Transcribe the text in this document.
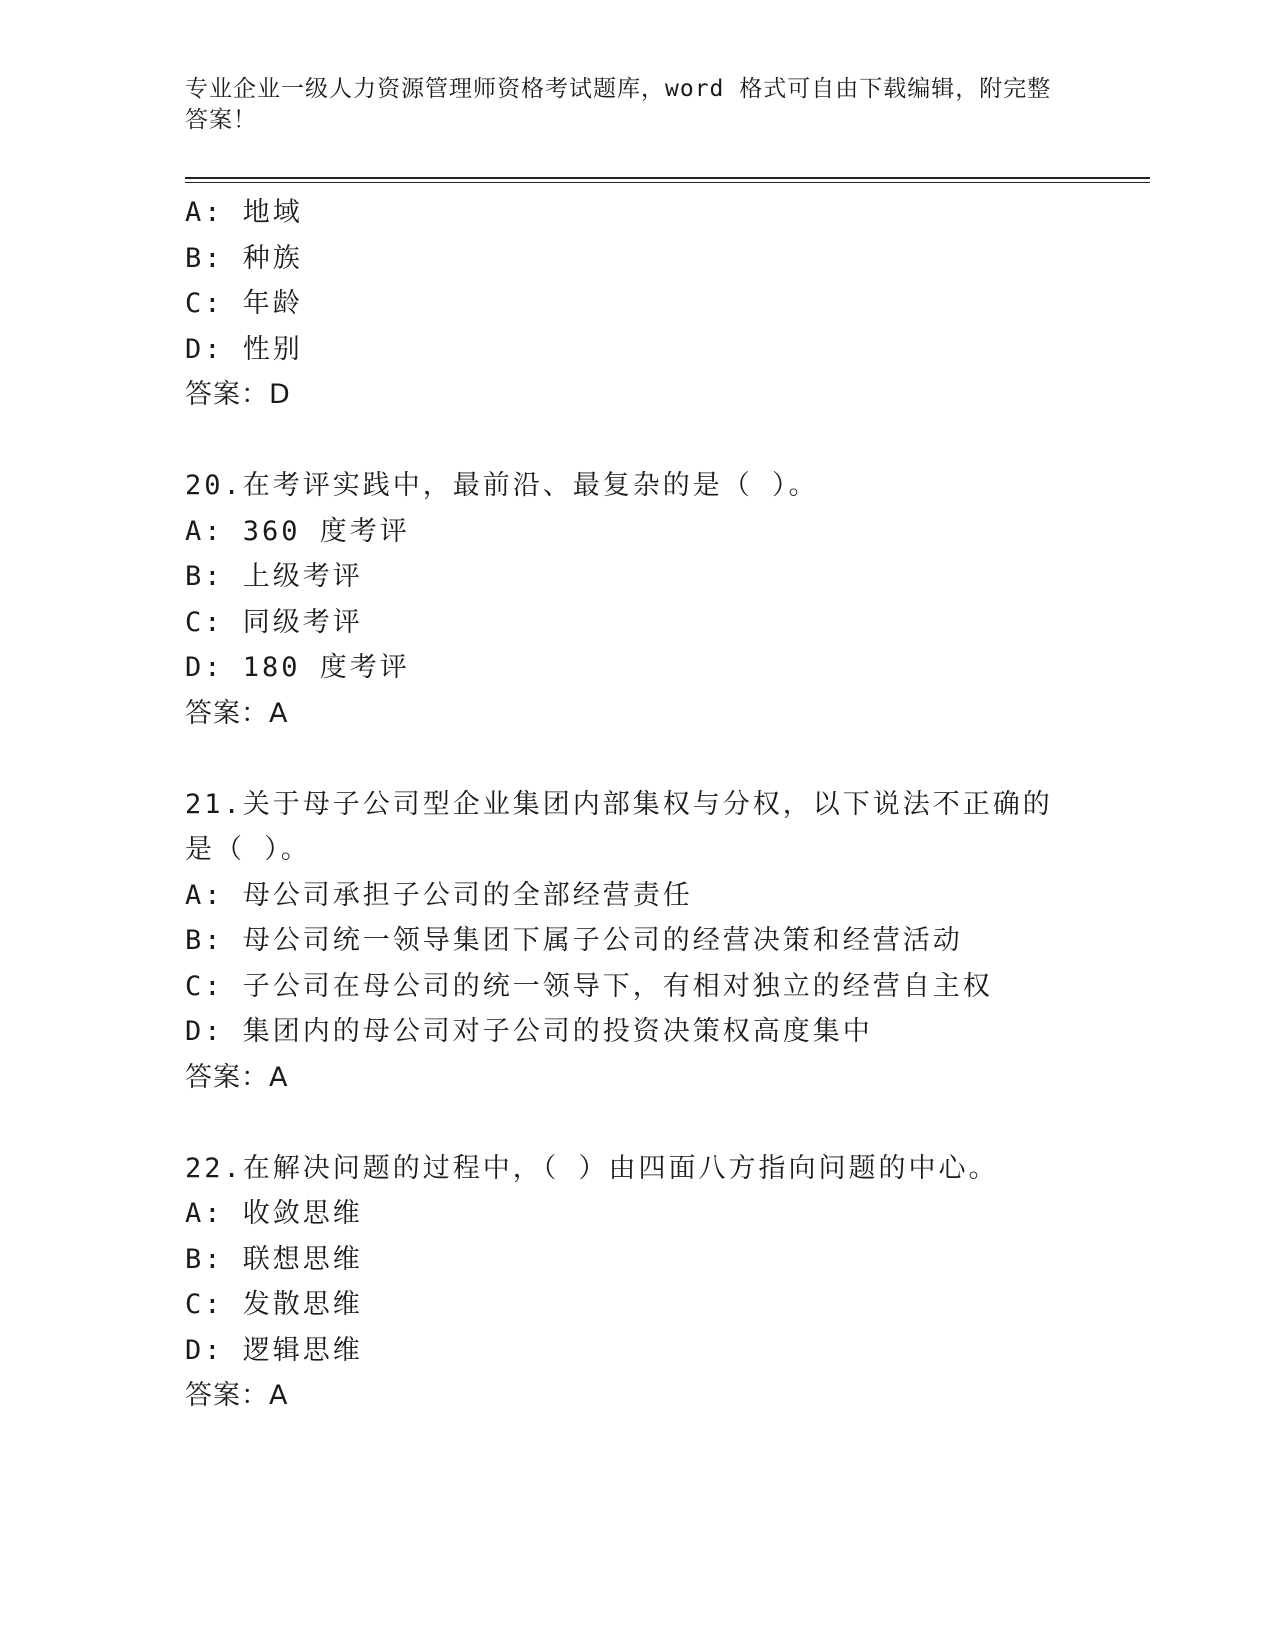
专业企业一级人力资源管理师资格考试题库，word 格式可自由下载编辑，附完整答案！
A: 地域
B: 种族
C: 年龄
D: 性别
答案：D
20.在考评实践中，最前沿、最复杂的是（ ）。
A: 360 度考评
B: 上级考评
C: 同级考评
D: 180 度考评
答案：A
21.关于母子公司型企业集团内部集权与分权，以下说法不正确的是（ ）。
A: 母公司承担子公司的全部经营责任
B: 母公司统一领导集团下属子公司的经营决策和经营活动
C: 子公司在母公司的统一领导下，有相对独立的经营自主权
D: 集团内的母公司对子公司的投资决策权高度集中
答案：A
22.在解决问题的过程中，（ ）由四面八方指向问题的中心。
A: 收敛思维
B: 联想思维
C: 发散思维
D: 逻辑思维
答案：A
